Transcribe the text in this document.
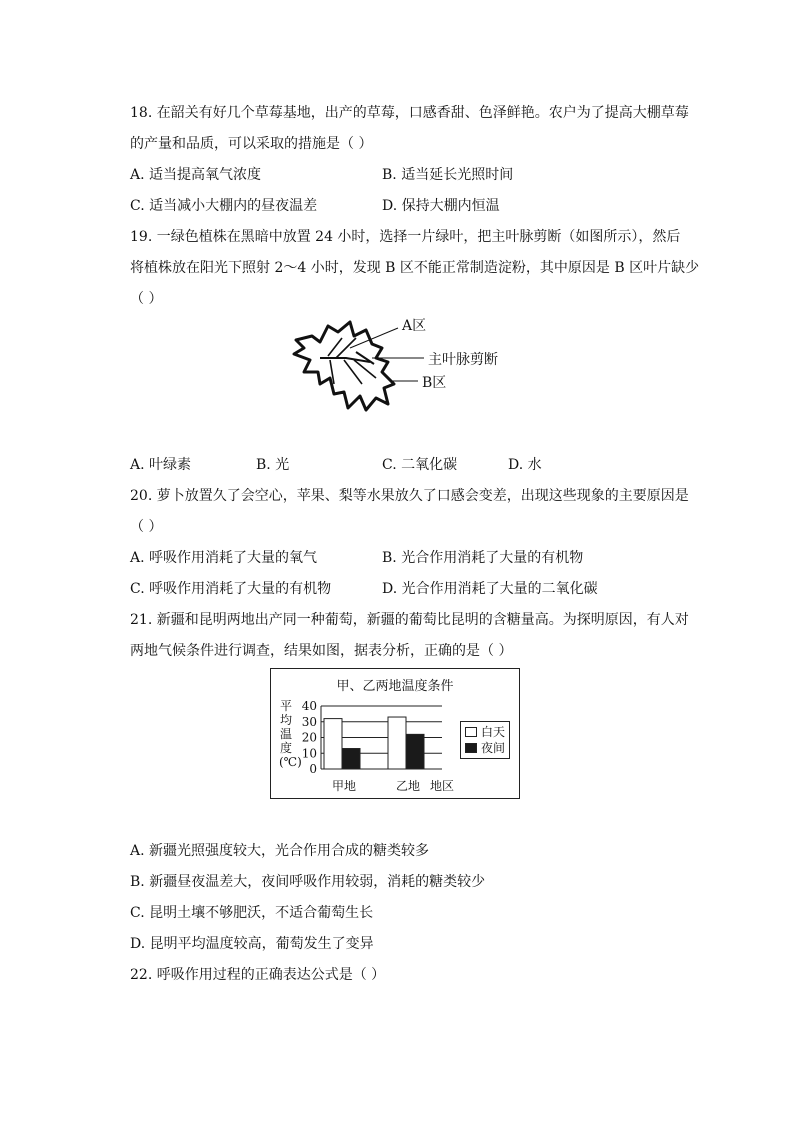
18. 在韶关有好几个草莓基地，出产的草莓，口感香甜、色泽鲜艳。农户为了提高大棚草莓
的产量和品质，可以采取的措施是（ ）
A. 适当提高氧气浓度	B. 适当延长光照时间
C. 适当减小大棚内的昼夜温差	D. 保持大棚内恒温
19. 一绿色植株在黑暗中放置 24 小时，选择一片绿叶，把主叶脉剪断（如图所示），然后
将植株放在阳光下照射 2～4 小时，发现 B 区不能正常制造淀粉，其中原因是 B 区叶片缺少
（ ）
A区
主叶脉剪断
B区
A. 叶绿素	B. 光	C. 二氧化碳	D. 水
20. 萝卜放置久了会空心，苹果、梨等水果放久了口感会变差，出现这些现象的主要原因是
（ ）
A. 呼吸作用消耗了大量的氧气	B. 光合作用消耗了大量的有机物
C. 呼吸作用消耗了大量的有机物	D. 光合作用消耗了大量的二氧化碳
21. 新疆和昆明两地出产同一种葡萄，新疆的葡萄比昆明的含糖量高。为探明原因，有人对
两地气候条件进行调查，结果如图，据表分析，正确的是（ ）
甲、乙两地温度条件
平均温度(℃)
40
30
20
10
0
白天
夜间
甲地	乙地 地区
A. 新疆光照强度较大，光合作用合成的糖类较多
B. 新疆昼夜温差大，夜间呼吸作用较弱，消耗的糖类较少
C. 昆明土壤不够肥沃，不适合葡萄生长
D. 昆明平均温度较高，葡萄发生了变异
22. 呼吸作用过程的正确表达公式是（ ）
